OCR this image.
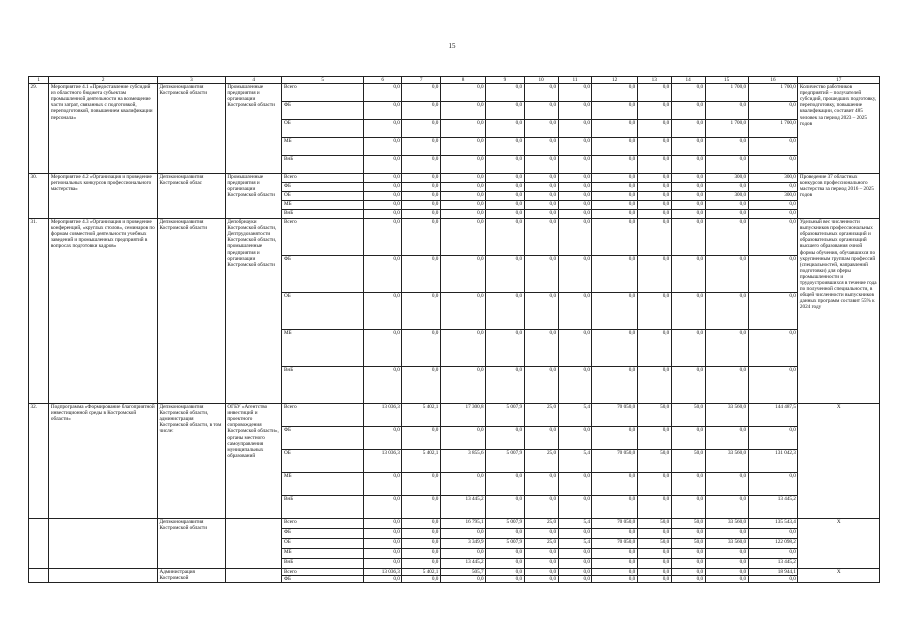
15
1	2	3	4	5	6	7	8	9	10	11	12	13	14	15	16	17
29.	Мероприятие 4.1 «Предоставление субсидий из областного бюджета субъектам промышленной деятельности на возмещение части затрат, связанных с подготовкой, переподготовкой, повышением квалификации персонала»	Депэкономразвития Костромской области	Промышленные предприятия и организации Костромской области	Всего	0,0	0,0	0,0	0,0	0,0	0,0	0,0	0,0	0,0	1 700,0	1 700,0	Количество работников предприятий – получателей субсидий, прошедших подготовку, переподготовку, повышение квалификации, составит 485 человек за период 2023 – 2025 годов
				ФБ	0,0	0,0	0,0	0,0	0,0	0,0	0,0	0,0	0,0	0,0	0,0	
				ОБ	0,0	0,0	0,0	0,0	0,0	0,0	0,0	0,0	0,0	1 700,0	1 700,0	
				МБ	0,0	0,0	0,0	0,0	0,0	0,0	0,0	0,0	0,0	0,0	0,0	
				ВнБ	0,0	0,0	0,0	0,0	0,0	0,0	0,0	0,0	0,0	0,0	0,0	
30.	Мероприятие 4.2 «Организация и проведение региональных конкурсов профессионального мастерства»	Депэкономразвития Костромской облас	Промышленные предприятия и организации Костромской области	Всего	0,0	0,0	0,0	0,0	0,0	0,0	0,0	0,0	0,0	300,0	300,0	Проведение 37 областных конкурсов профессионального мастерства за период 2016 – 2025 годов
				ФБ	0,0	0,0	0,0	0,0	0,0	0,0	0,0	0,0	0,0	0,0	0,0	
				ОБ	0,0	0,0	0,0	0,0	0,0	0,0	0,0	0,0	0,0	300,0	300,0	
				МБ	0,0	0,0	0,0	0,0	0,0	0,0	0,0	0,0	0,0	0,0	0,0	
				ВнБ	0,0	0,0	0,0	0,0	0,0	0,0	0,0	0,0	0,0	0,0	0,0	
31.	Мероприятие 4.3 «Организация и проведение конференций, «круглых столов», семинаров по формам совместной деятельности учебных заведений и промышленных предприятий в вопросах подготовки кадров»	Депэкономразвития Костромской области	Депобрнауки Костромской области, Дептрудозанятости Костромской области, промышленные предприятия и организации Костромской области	Всего	0,0	0,0	0,0	0,0	0,0	0,0	0,0	0,0	0,0	0,0	0,0	Удельный вес численности выпускников профессиональных образовательных организаций и образовательных организаций высшего образования очной формы обучения, обучавшихся по укрупненным группам профессий (специальностей, направлений подготовки) для сферы промышленности и трудоустроившихся в течение года по полученной специальности, в общей численности выпускников данных программ составит 55% к 2024 году
				ФБ	0,0	0,0	0,0	0,0	0,0	0,0	0,0	0,0	0,0	0,0	0,0	
				ОБ	0,0	0,0	0,0	0,0	0,0	0,0	0,0	0,0	0,0	0,0	0,0	
				МБ	0,0	0,0	0,0	0,0	0,0	0,0	0,0	0,0	0,0	0,0	0,0	
				ВнБ	0,0	0,0	0,0	0,0	0,0	0,0	0,0	0,0	0,0	0,0	0,0	
32.	Подпрограмма «Формирование благоприятной инвестиционной среды в Костромской области»	Депэкономразвития Костромской области, администрация Костромской области, в том числе:	ОГБУ «Агентство инвестиций и проектного сопровождения Костромской области», органы местного самоуправления муниципальных образований	Всего	13 036,3	5 402,1	17 300,8	5 007,9	25,0	5,4	70 050,0	50,0	50,0	33 560,0	144 487,5	X
				ФБ	0,0	0,0	0,0	0,0	0,0	0,0	0,0	0,0	0,0	0,0	0,0	
				ОБ	13 036,3	5 402,1	3 855,6	5 007,9	25,0	5,4	70 050,0	50,0	50,0	33 560,0	131 042,3	
				МБ	0,0	0,0	0,0	0,0	0,0	0,0	0,0	0,0	0,0	0,0	0,0	
				ВнБ	0,0	0,0	13 445,2	0,0	0,0	0,0	0,0	0,0	0,0	0,0	13 445,2	
		Депэкономразвития Костромской области		Всего	0,0	0,0	16 795,1	5 007,9	25,0	5,4	70 050,0	50,0	50,0	33 560,0	135 543,4	X
				ФБ	0,0	0,0	0,0	0,0	0,0	0,0	0,0	0,0	0,0	0,0	0,0	
				ОБ	0,0	0,0	3 349,9	5 007,9	25,0	5,4	70 050,0	50,0	50,0	33 560,0	122 098,2	
				МБ	0,0	0,0	0,0	0,0	0,0	0,0	0,0	0,0	0,0	0,0	0,0	
				ВнБ	0,0	0,0	13 445,2	0,0	0,0	0,0	0,0	0,0	0,0	0,0	13 445,2	
		Администрация Костромской		Всего	13 036,3	5 402,1	505,7	0,0	0,0	0,0	0,0	0,0	0,0	0,0	18 944,1	X
				ФБ	0,0	0,0	0,0	0,0	0,0	0,0	0,0	0,0	0,0	0,0	0,0	
